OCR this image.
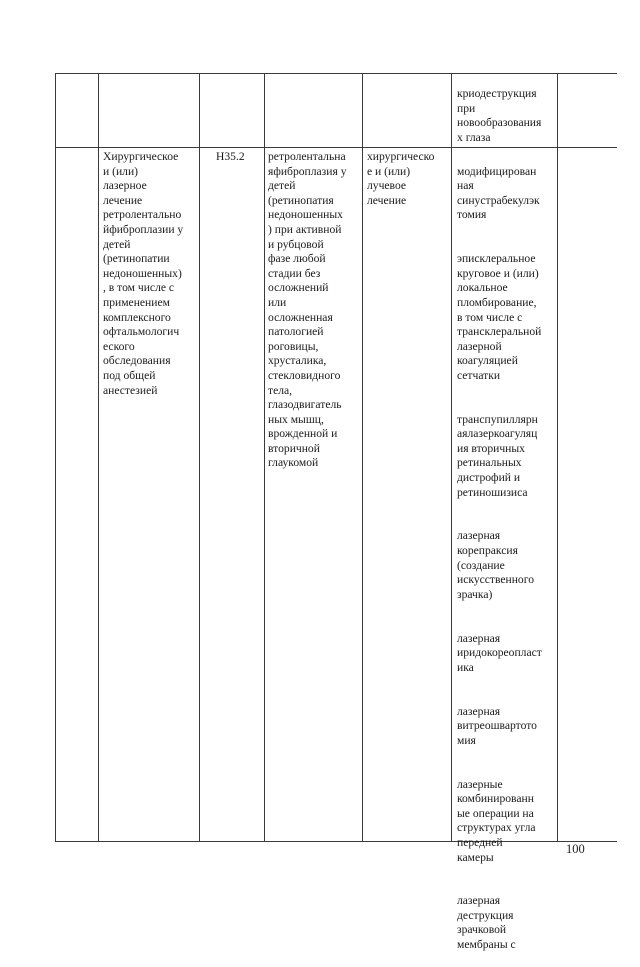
криодеструкция
при
новообразования
х глаза
Хирургическое
и (или)
лазерное
лечение
ретролентально
йфиброплазии у
детей
(ретинопатии
недоношенных)
, в том числе с
применением
комплексного
офтальмологич
еского
обследования
под общей
анестезией
H35.2	ретролентальна
яфиброплазия у
детей
(ретинопатия
недоношенных
) при активной
и рубцовой
фазе любой
стадии без
осложнений
или
осложненная
патологией
роговицы,
хрусталика,
стекловидного
тела,
глазодвигатель
ных мышц,
врожденной и
вторичной
глаукомой
хирургическо
е и (или)
лучевое
лечение

модифицирован
ная
синустрабекулэк
томия

эписклеральное
круговое и (или)
локальное
пломбирование,
в том числе с
трансклеральной
лазерной
коагуляцией
сетчатки

транспупиллярн
аялазеркоагуляц
ия вторичных
ретинальных
дистрофий и
ретиношизиса

лазерная
корепраксия
(создание
искусственного
зрачка)

лазерная
иридокореопласт
ика

лазерная
витреошвартото
мия

лазерные
комбинированн
ые операции на
структурах угла
передней
камеры

лазерная
деструкция
зрачковой
мембраны с

100
